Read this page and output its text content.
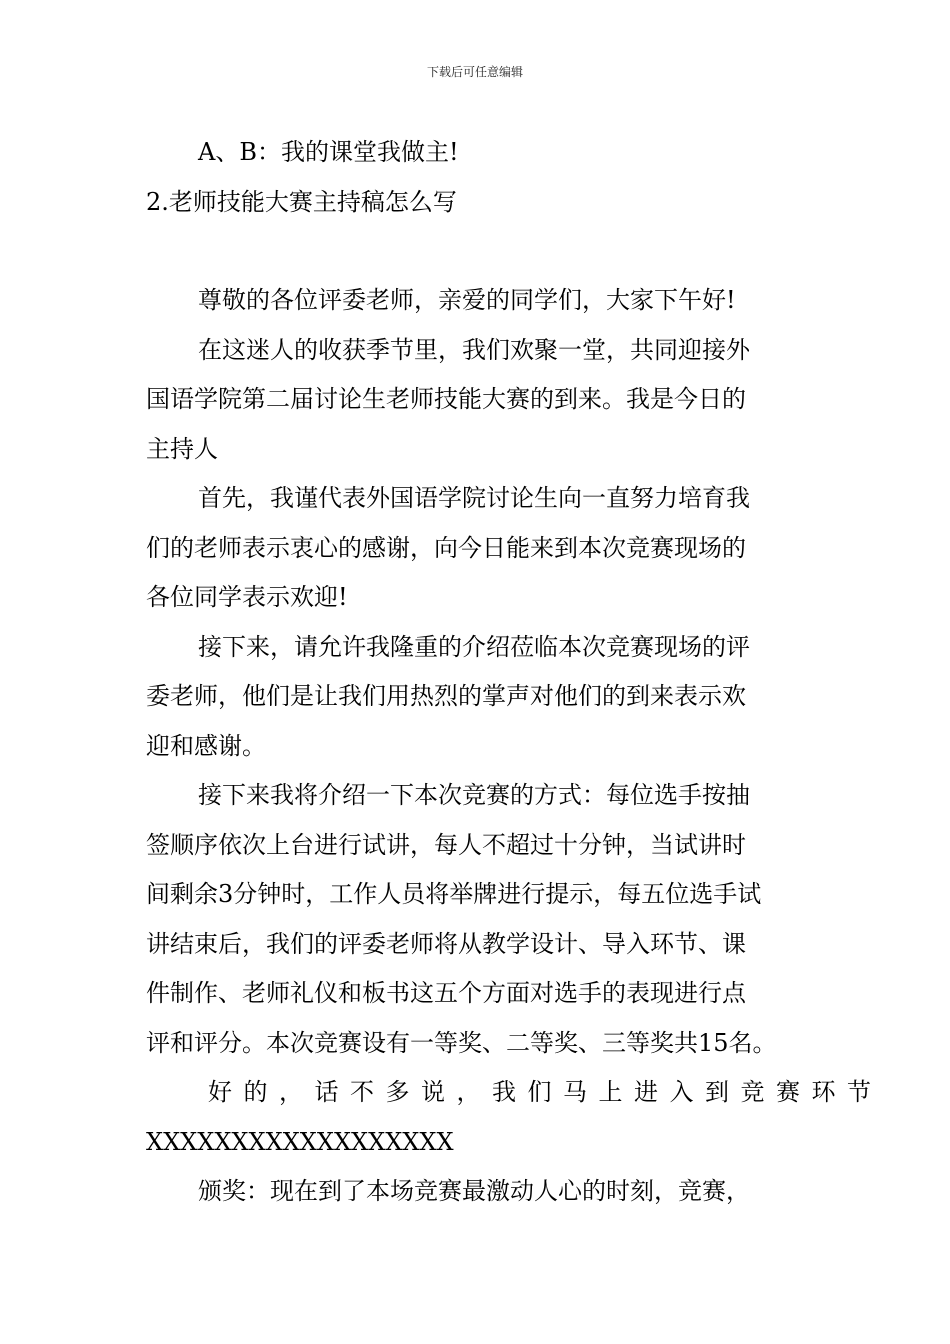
下载后可任意编辑
A、B：我的课堂我做主!
2.老师技能大赛主持稿怎么写
尊敬的各位评委老师，亲爱的同学们，大家下午好!
在这迷人的收获季节里，我们欢聚一堂，共同迎接外
国语学院第二届讨论生老师技能大赛的到来。我是今日的
主持人
首先，我谨代表外国语学院讨论生向一直努力培育我
们的老师表示衷心的感谢，向今日能来到本次竞赛现场的
各位同学表示欢迎!
接下来，请允许我隆重的介绍莅临本次竞赛现场的评
委老师，他们是让我们用热烈的掌声对他们的到来表示欢
迎和感谢。
接下来我将介绍一下本次竞赛的方式：每位选手按抽
签顺序依次上台进行试讲，每人不超过十分钟，当试讲时
间剩余3分钟时，工作人员将举牌进行提示，每五位选手试
讲结束后，我们的评委老师将从教学设计、导入环节、课
件制作、老师礼仪和板书这五个方面对选手的表现进行点
评和评分。本次竞赛设有一等奖、二等奖、三等奖共15名。
好的，话不多说，我们马上进入到竞赛环节
XXXXXXXXXXXXXXXXXX
颁奖：现在到了本场竞赛最激动人心的时刻，竞赛，
